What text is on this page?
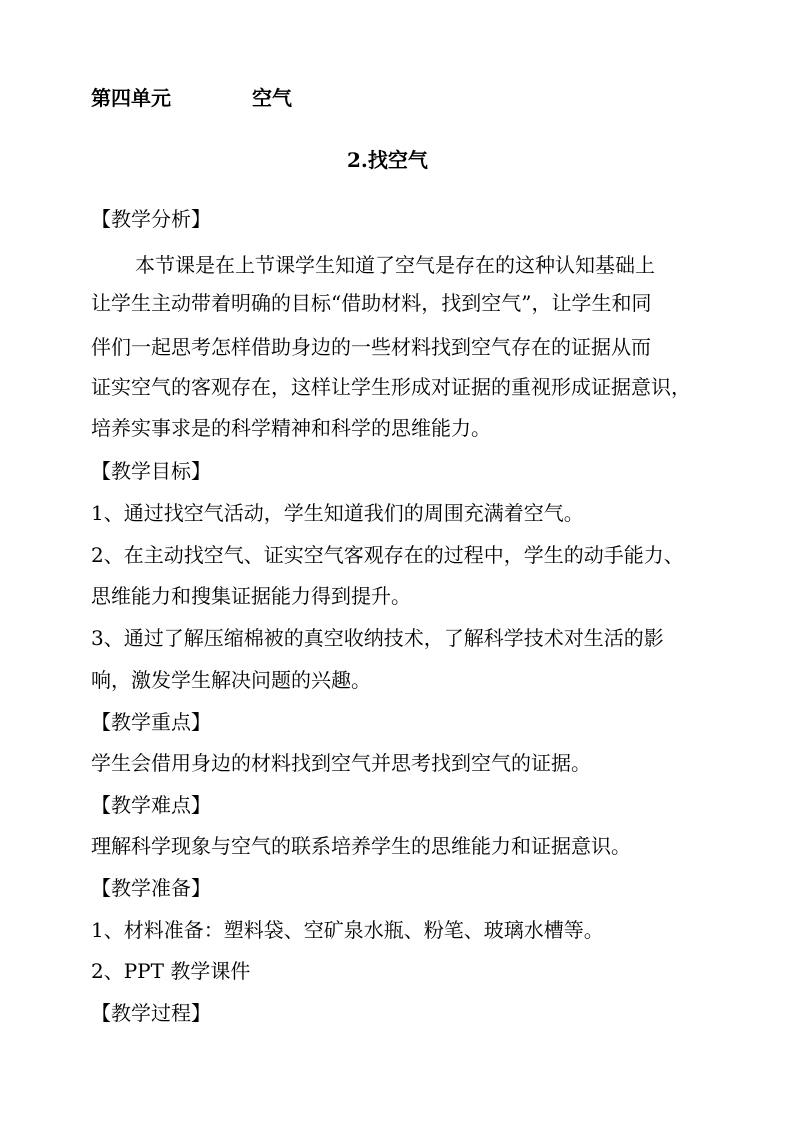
第四单元	空气
2.找空气
【教学分析】
本节课是在上节课学生知道了空气是存在的这种认知基础上
让学生主动带着明确的目标“借助材料，找到空气”，让学生和同
伴们一起思考怎样借助身边的一些材料找到空气存在的证据从而
证实空气的客观存在，这样让学生形成对证据的重视形成证据意识，
培养实事求是的科学精神和科学的思维能力。
【教学目标】
1、通过找空气活动，学生知道我们的周围充满着空气。
2、在主动找空气、证实空气客观存在的过程中，学生的动手能力、
思维能力和搜集证据能力得到提升。
3、通过了解压缩棉被的真空收纳技术，了解科学技术对生活的影
响，激发学生解决问题的兴趣。
【教学重点】
学生会借用身边的材料找到空气并思考找到空气的证据。
【教学难点】
理解科学现象与空气的联系培养学生的思维能力和证据意识。
【教学准备】
1、材料准备：塑料袋、空矿泉水瓶、粉笔、玻璃水槽等。
2、PPT 教学课件
【教学过程】
